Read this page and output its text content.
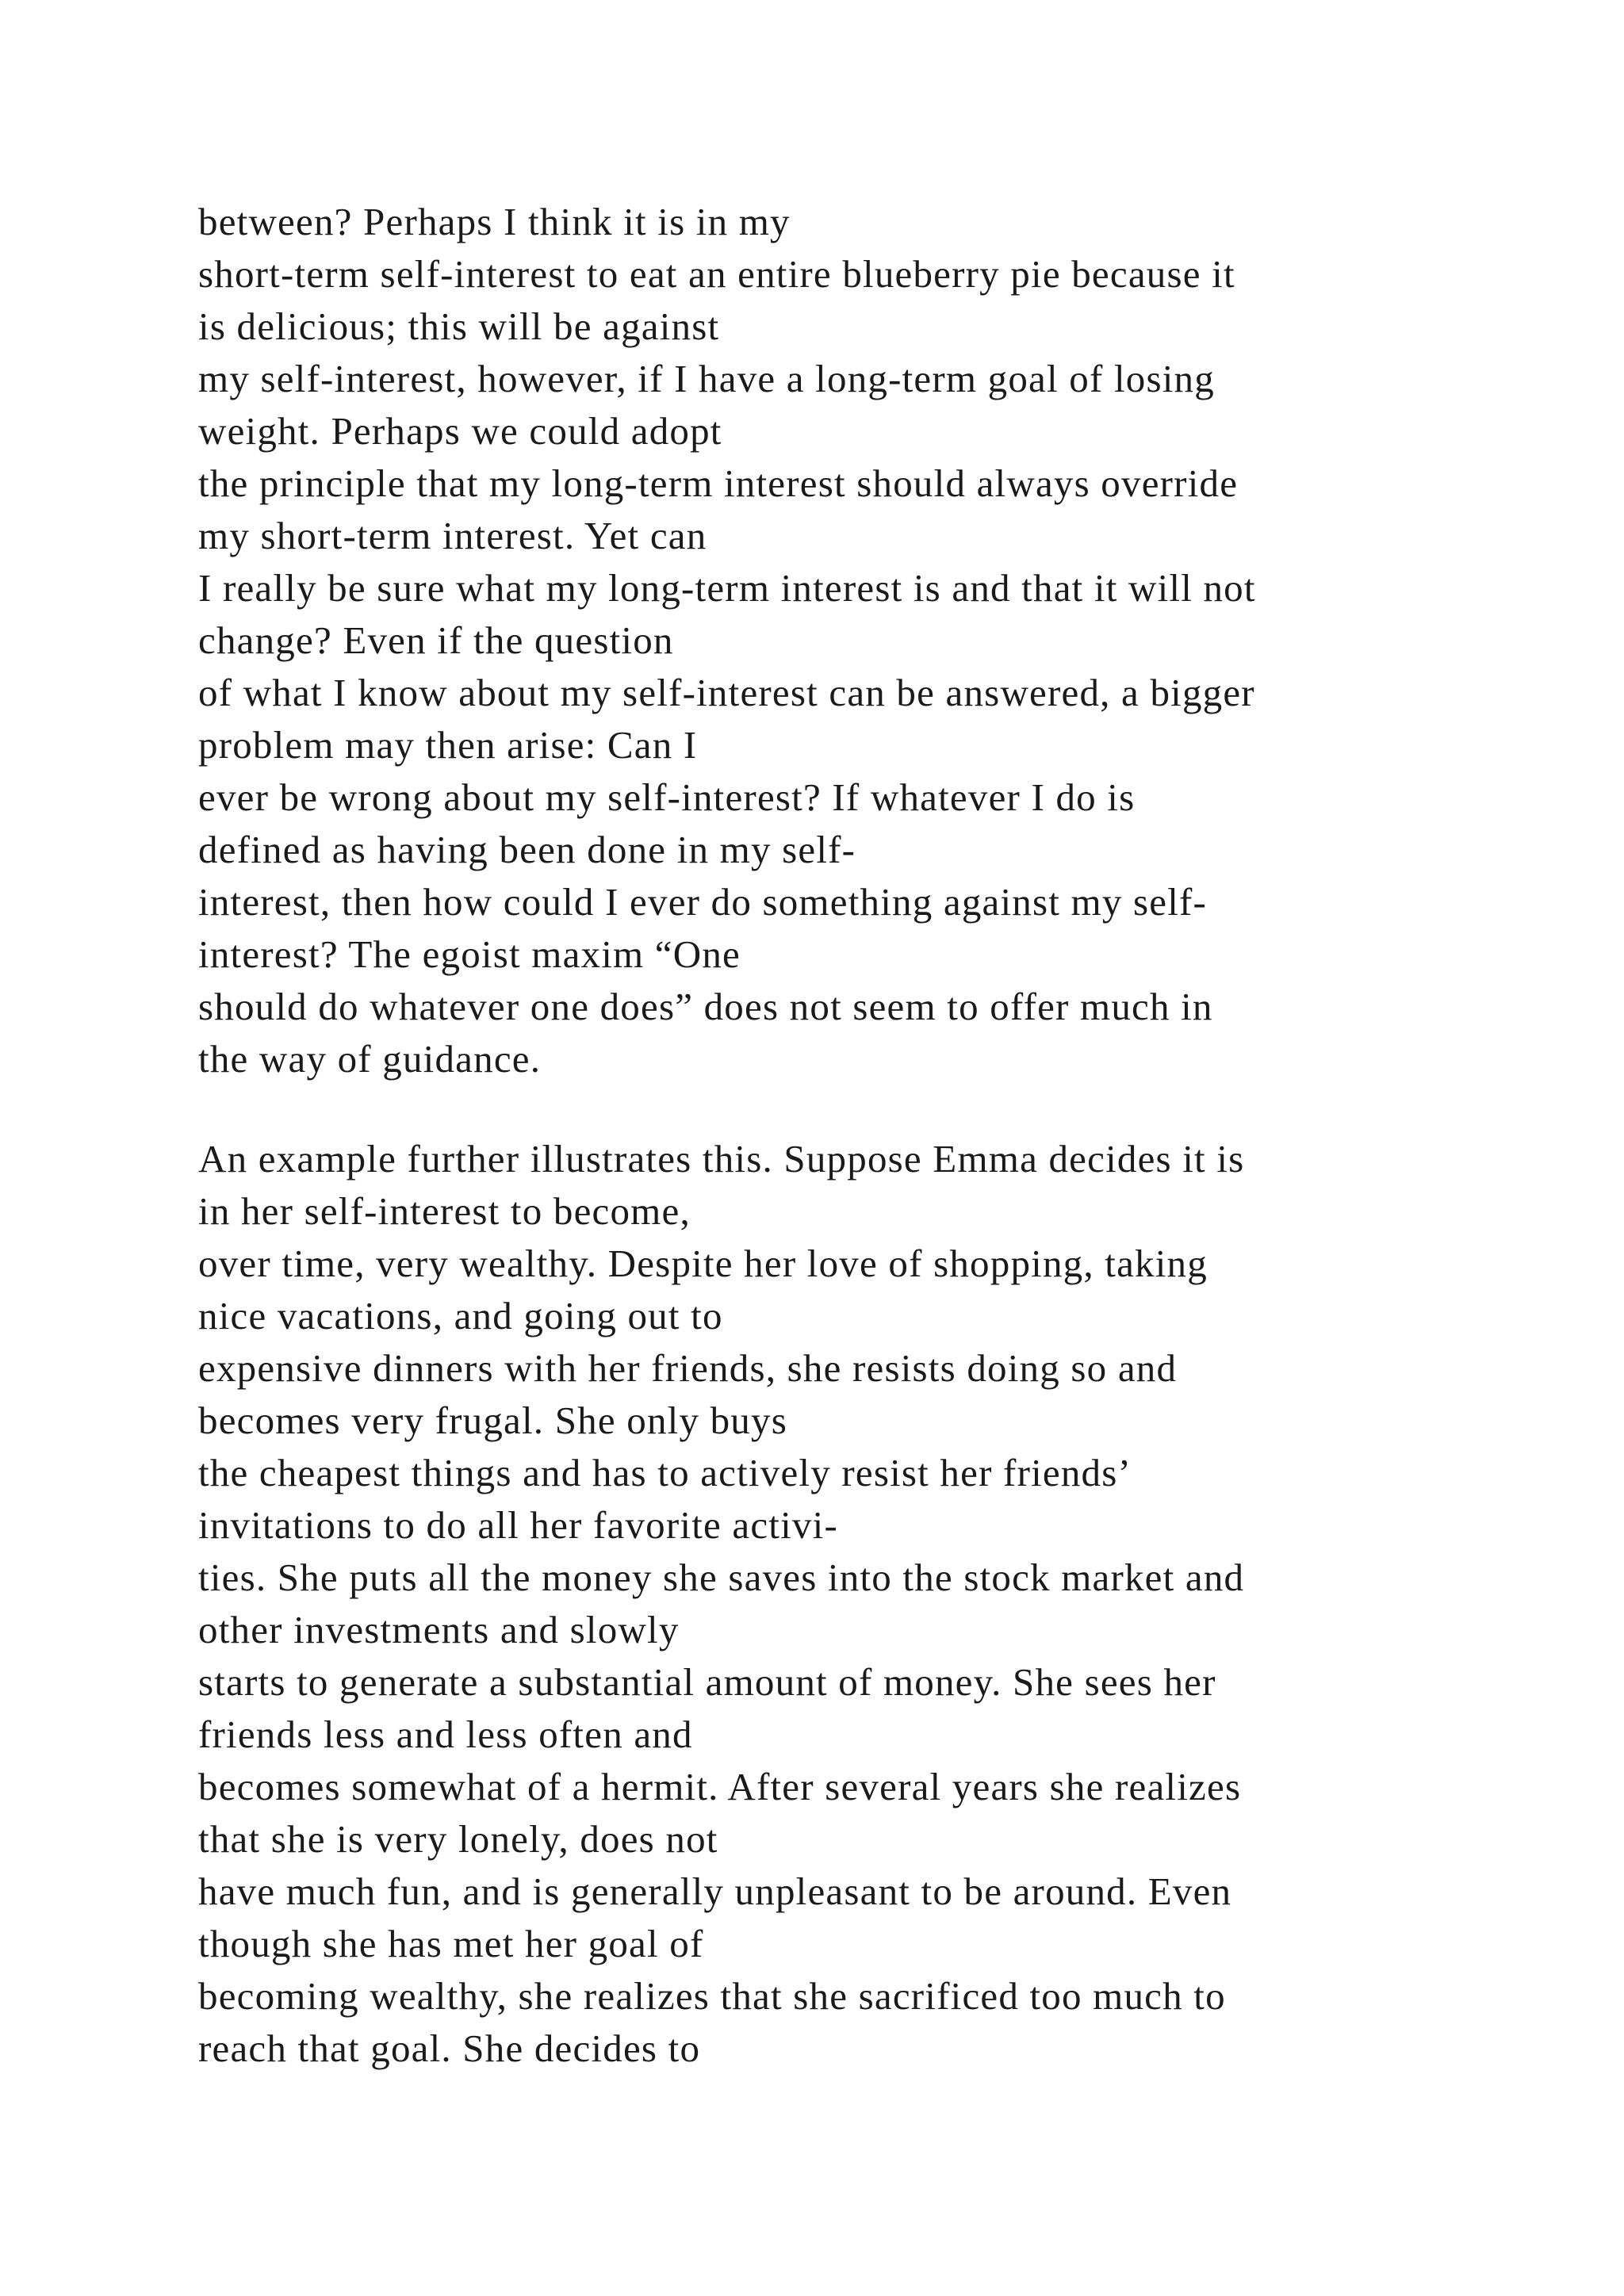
between? Perhaps I think it is in my
short-term self-interest to eat an entire blueberry pie because it
is delicious; this will be against
my self-interest, however, if I have a long-term goal of losing
weight. Perhaps we could adopt
the principle that my long-term interest should always override
my short-term interest. Yet can
I really be sure what my long-term interest is and that it will not
change? Even if the question
of what I know about my self-interest can be answered, a bigger
problem may then arise: Can I
ever be wrong about my self-interest? If whatever I do is
defined as having been done in my self-
interest, then how could I ever do something against my self-
interest? The egoist maxim “One
should do whatever one does” does not seem to offer much in
the way of guidance.
An example further illustrates this. Suppose Emma decides it is
in her self-interest to become,
over time, very wealthy. Despite her love of shopping, taking
nice vacations, and going out to
expensive dinners with her friends, she resists doing so and
becomes very frugal. She only buys
the cheapest things and has to actively resist her friends’
invitations to do all her favorite activi-
ties. She puts all the money she saves into the stock market and
other investments and slowly
starts to generate a substantial amount of money. She sees her
friends less and less often and
becomes somewhat of a hermit. After several years she realizes
that she is very lonely, does not
have much fun, and is generally unpleasant to be around. Even
though she has met her goal of
becoming wealthy, she realizes that she sacrificed too much to
reach that goal. She decides to
